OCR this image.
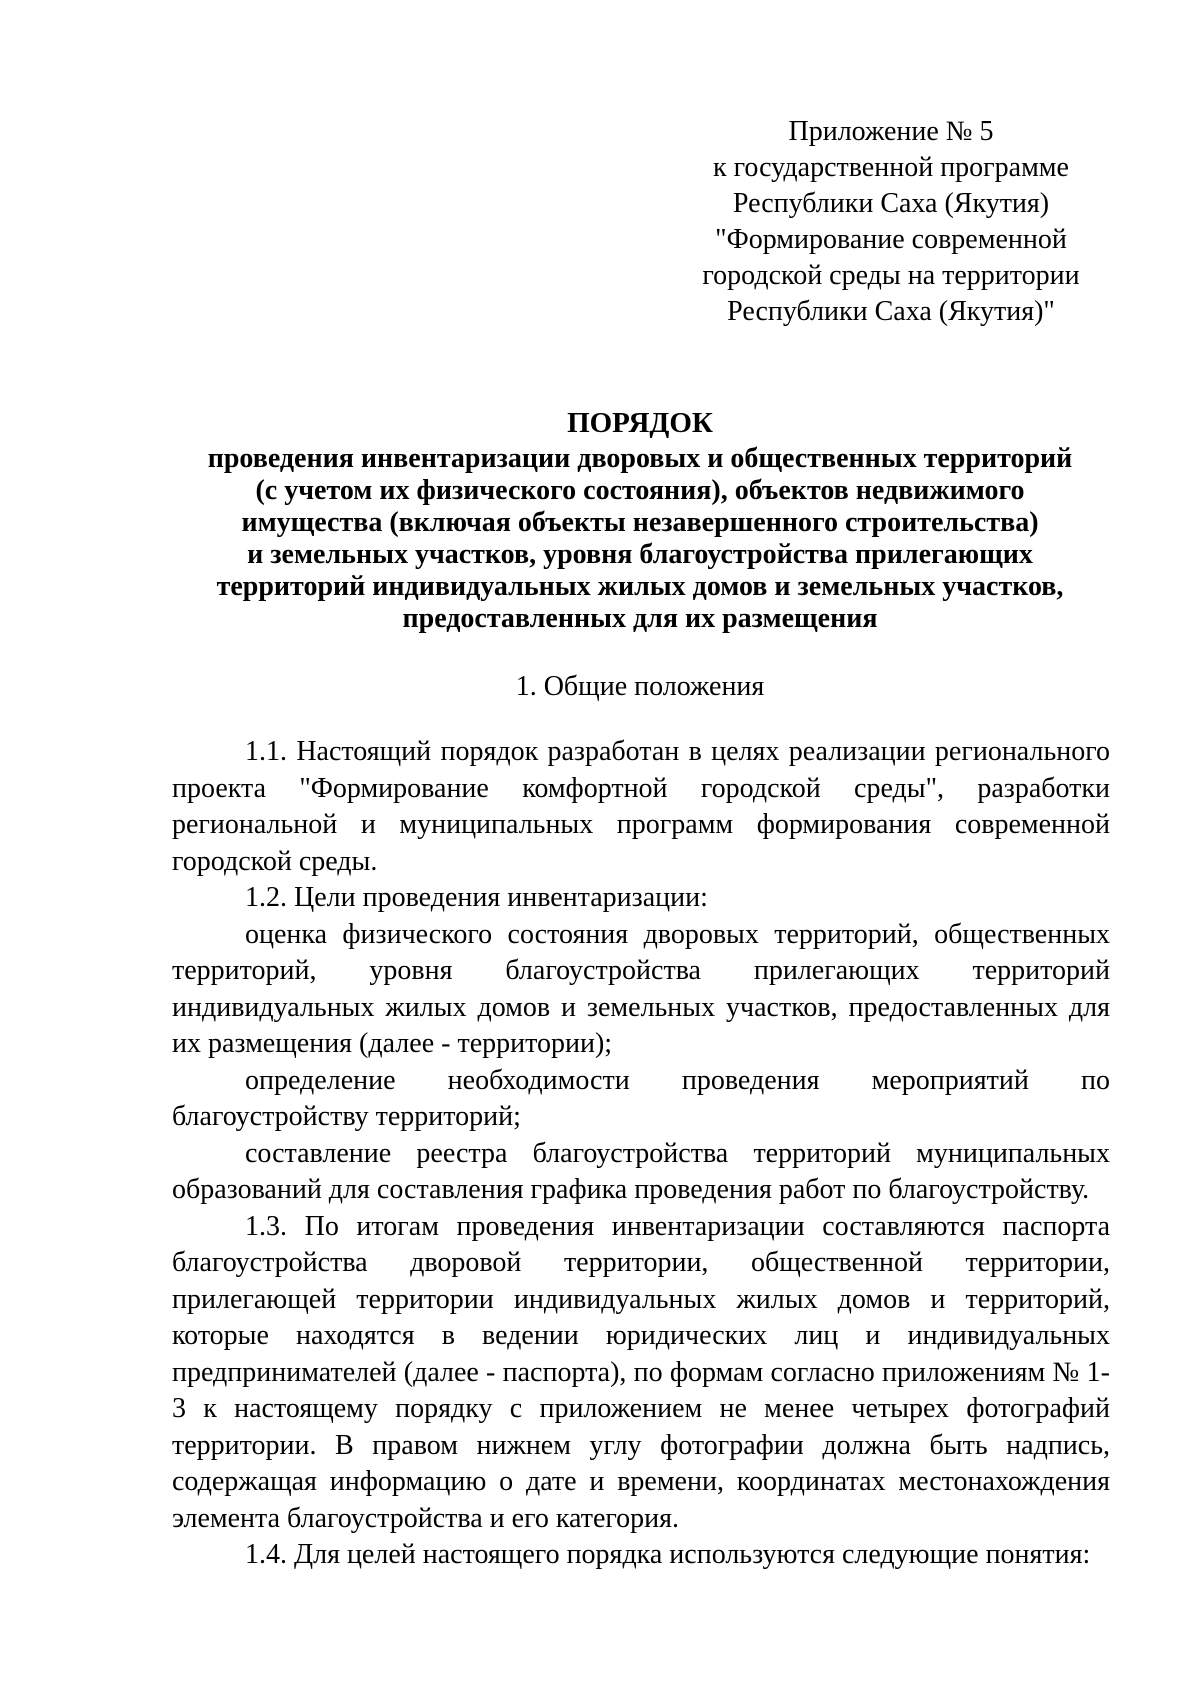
Приложение № 5
к государственной программе
Республики Саха (Якутия)
"Формирование современной
городской среды на территории
Республики Саха (Якутия)"
ПОРЯДОК
проведения инвентаризации дворовых и общественных территорий
(с учетом их физического состояния), объектов недвижимого
имущества (включая объекты незавершенного строительства)
и земельных участков, уровня благоустройства прилегающих
территорий индивидуальных жилых домов и земельных участков,
предоставленных для их размещения
1. Общие положения

1.1. Настоящий порядок разработан в целях реализации регионального проекта "Формирование комфортной городской среды", разработки региональной и муниципальных программ формирования современной городской среды.

1.2. Цели проведения инвентаризации:

оценка физического состояния дворовых территорий, общественных территорий, уровня благоустройства прилегающих территорий индивидуальных жилых домов и земельных участков, предоставленных для их размещения (далее - территории);

определение необходимости проведения мероприятий по благоустройству территорий;

составление реестра благоустройства территорий муниципальных образований для составления графика проведения работ по благоустройству.

1.3. По итогам проведения инвентаризации составляются паспорта благоустройства дворовой территории, общественной территории, прилегающей территории индивидуальных жилых домов и территорий, которые находятся в ведении юридических лиц и индивидуальных предпринимателей (далее - паспорта), по формам согласно приложениям № 1-3 к настоящему порядку с приложением не менее четырех фотографий территории. В правом нижнем углу фотографии должна быть надпись, содержащая информацию о дате и времени, координатах местонахождения элемента благоустройства и его категория.

1.4. Для целей настоящего порядка используются следующие понятия:
